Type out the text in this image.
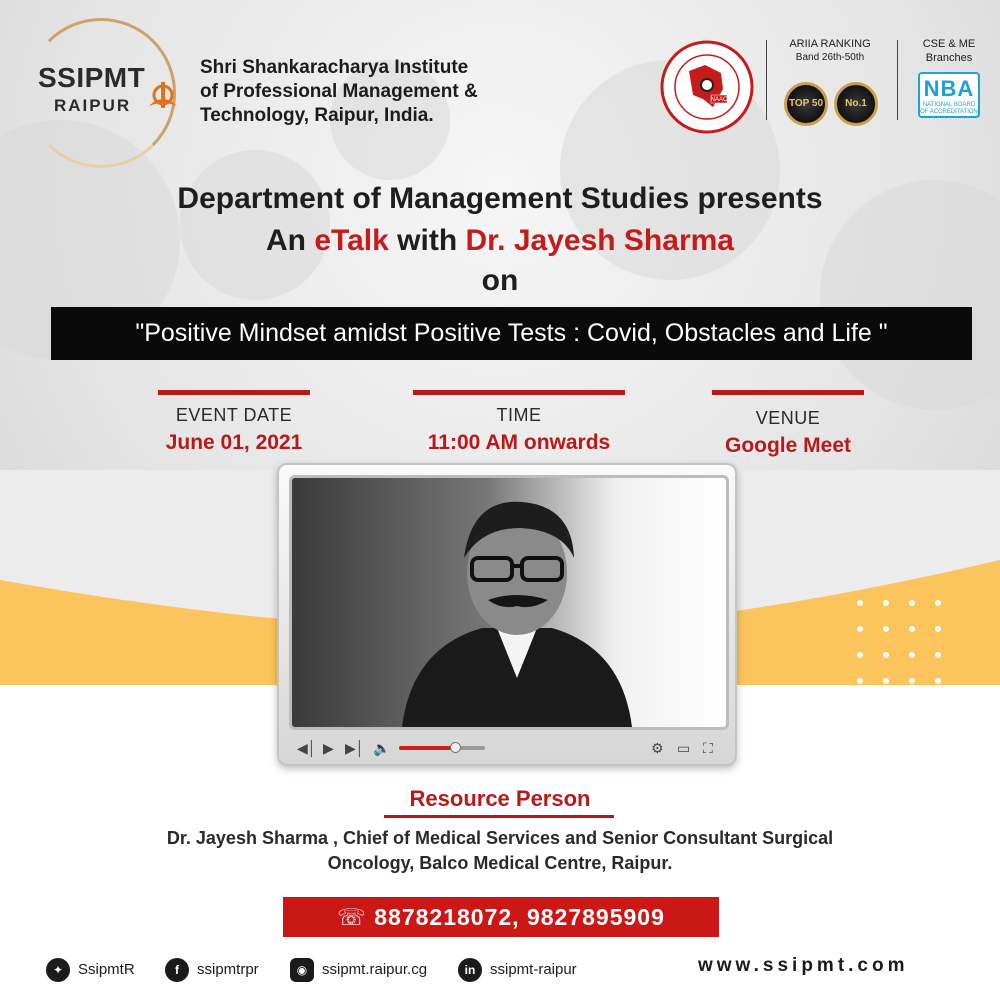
SSIPMT
RAIPUR
Shri Shankaracharya Institute
of Professional Management &
Technology, Raipur, India.
NAAC
ARIIA RANKING
Band 26th-50th
TOP 50	No.1
CSE & ME
Branches
NBA
NATIONAL BOARD OF ACCREDITATION
Department of Management Studies presents
An eTalk with Dr. Jayesh Sharma
on
"Positive Mindset amidst Positive Tests : Covid, Obstacles and Life "
EVENT DATE
June 01, 2021
TIME
11:00 AM onwards
VENUE
Google Meet
◀│ ▶ ▶│ 🔈	⚙ ▭ ⛶
Resource Person
Dr. Jayesh Sharma , Chief of Medical Services and Senior Consultant Surgical
Oncology, Balco Medical Centre, Raipur.
☏ 8878218072, 9827895909
✦ SsipmtR	f	ssipmtrpr	◉ ssipmt.raipur.cg	in ssipmt-raipur	www.ssipmt.com
